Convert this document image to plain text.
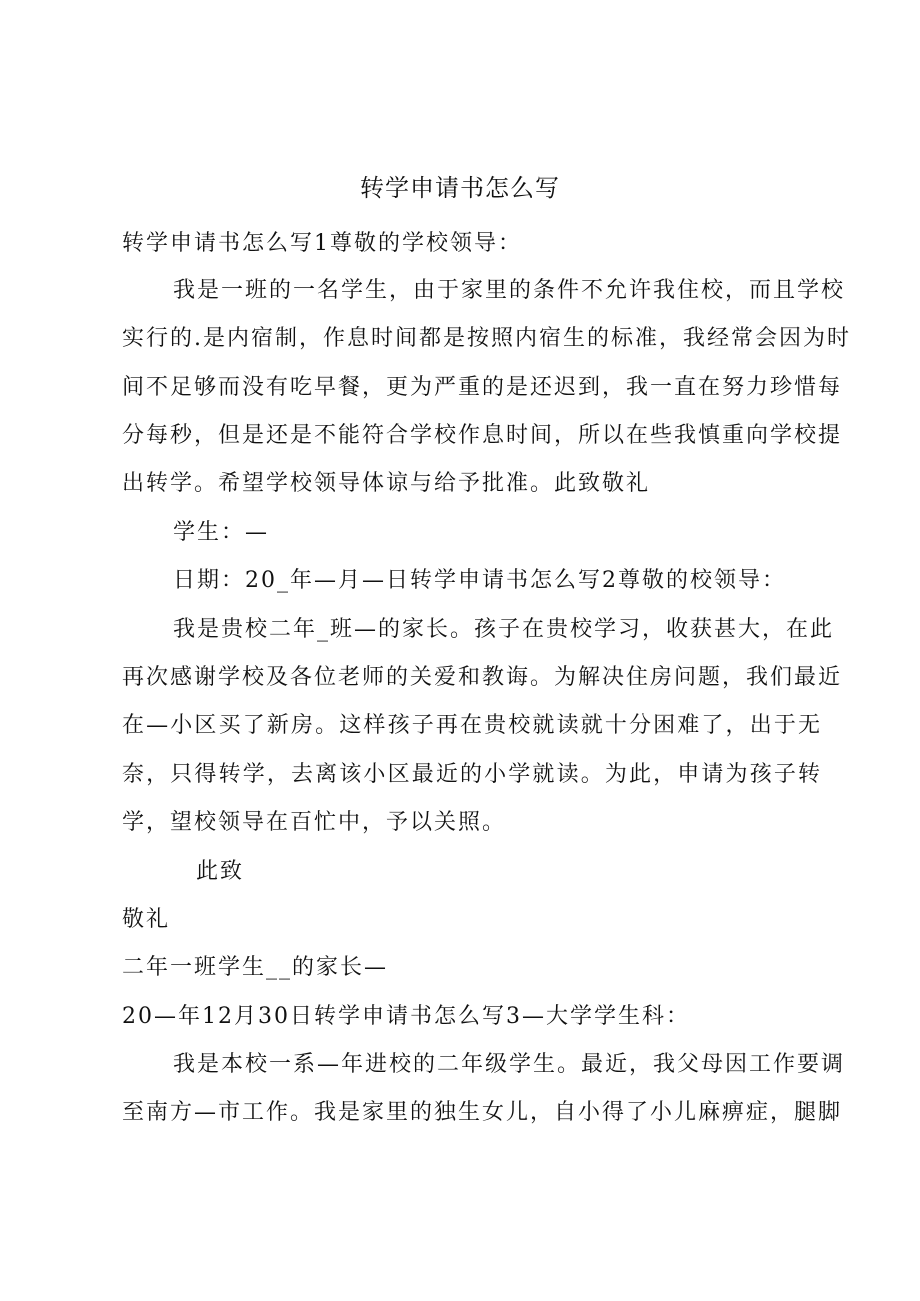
转学申请书怎么写
转学申请书怎么写1尊敬的学校领导：
我是一班的一名学生，由于家里的条件不允许我住校，而且学校
实行的.是内宿制，作息时间都是按照内宿生的标准，我经常会因为时
间不足够而没有吃早餐，更为严重的是还迟到，我一直在努力珍惜每
分每秒，但是还是不能符合学校作息时间，所以在些我慎重向学校提
出转学。希望学校领导体谅与给予批准。此致敬礼
学生：—
日期：20_年—月—日转学申请书怎么写2尊敬的校领导：
我是贵校二年_班—的家长。孩子在贵校学习，收获甚大，在此
再次感谢学校及各位老师的关爱和教诲。为解决住房问题，我们最近
在—小区买了新房。这样孩子再在贵校就读就十分困难了，出于无
奈，只得转学，去离该小区最近的小学就读。为此，申请为孩子转
学，望校领导在百忙中，予以关照。
此致
敬礼
二年一班学生__的家长—
20—年12月30日转学申请书怎么写3—大学学生科：
我是本校一系—年进校的二年级学生。最近，我父母因工作要调
至南方—市工作。我是家里的独生女儿，自小得了小儿麻痹症，腿脚
